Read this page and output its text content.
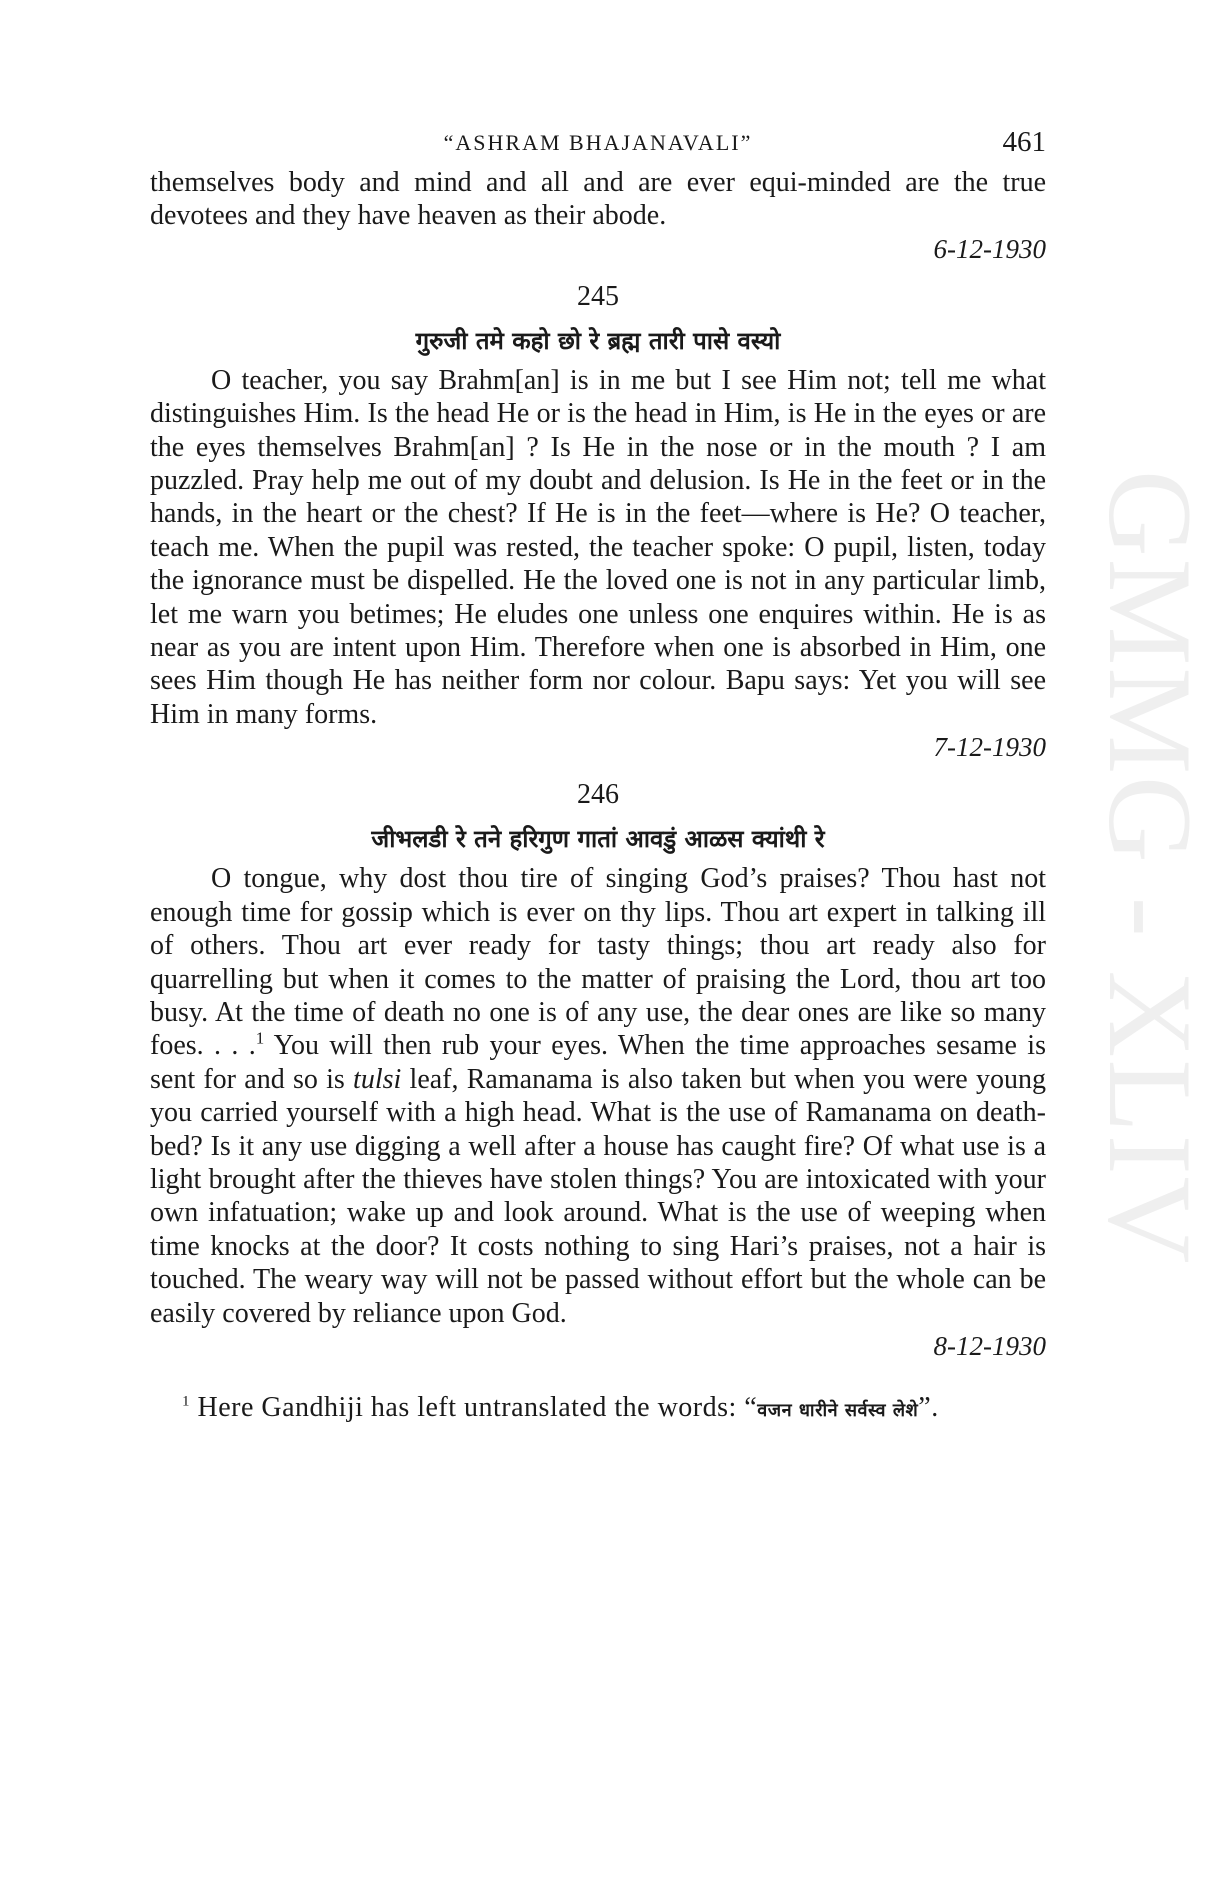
GMMG - XLIV
“ASHRAM BHAJANAVALI”	461

themselves body and mind and all and are ever equi-minded are the true devotees and they have heaven as their abode.

6-12-1930
245
गुरुजी तमे कहो छो रे ब्रह्म तारी पासे वस्यो

O teacher, you say Brahm[an] is in me but I see Him not; tell me what distinguishes Him. Is the head He or is the head in Him, is He in the eyes or are the eyes themselves Brahm[an] ? Is He in the nose or in the mouth ? I am puzzled. Pray help me out of my doubt and delusion. Is He in the feet or in the hands, in the heart or the chest? If He is in the feet—where is He? O teacher, teach me. When the pupil was rested, the teacher spoke: O pupil, listen, today the ignorance must be dispelled. He the loved one is not in any particular limb, let me warn you betimes; He eludes one unless one enquires within. He is as near as you are intent upon Him. Therefore when one is absorbed in Him, one sees Him though He has neither form nor colour. Bapu says: Yet you will see Him in many forms.

7-12-1930
246
जीभलडी रे तने हरिगुण गातां आवडुं आळस क्यांथी रे

O tongue, why dost thou tire of singing God’s praises? Thou hast not enough time for gossip which is ever on thy lips. Thou art expert in talking ill of others. Thou art ever ready for tasty things; thou art ready also for quarrelling but when it comes to the matter of praising the Lord, thou art too busy. At the time of death no one is of any use, the dear ones are like so many foes. . . .$^1$ You will then rub your eyes. When the time approaches sesame is sent for and so is tulsi leaf, Ramanama is also taken but when you were young you carried yourself with a high head. What is the use of Ramanama on death-bed? Is it any use digging a well after a house has caught fire? Of what use is a light brought after the thieves have stolen things? You are intoxicated with your own infatuation; wake up and look around. What is the use of weeping when time knocks at the door? It costs nothing to sing Hari’s praises, not a hair is touched. The weary way will not be passed without effort but the whole can be easily covered by reliance upon God.

8-12-1930

$^1$ Here Gandhiji has left untranslated the words: “वजन धारीने सर्वस्व लेशे”.
